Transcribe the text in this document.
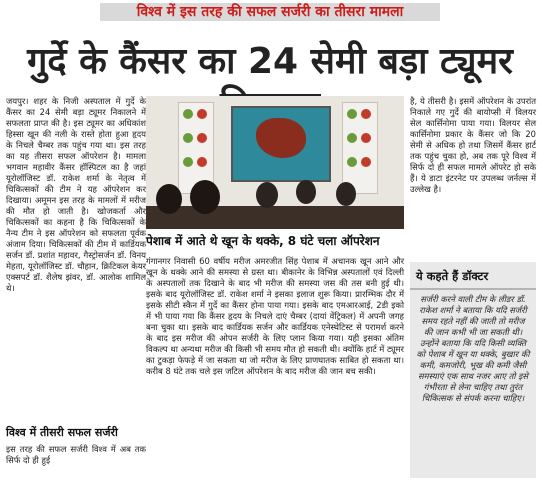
विश्व में इस तरह की सफल सर्जरी का तीसरा मामला
गुर्दे के कैंसर का 24 सेमी बड़ा ट्यूमर
जयपुर। शहर के निजी अस्पताल में गुर्दे के कैंसर का 24 सेमी बड़ा ट्यूमर निकालने में सफलता प्राप्त की है। इस ट्यूमर का अधिकांश हिस्सा खून की नली के रास्ते होता हुआ हृदय के निचले चैम्बर तक पहुंच गया था। इस तरह का यह तीसरा सफल ऑपरेशन है। मामला भगवान महावीर कैंसर हॉस्पिटल का है जहां यूरोलॉजिस्ट डॉ. राकेश शर्मा के नेतृत्व में चिकित्सकों की टीम ने यह ऑपरेशन कर दिखाया। अमूमन इस तरह के मामलों में मरीज की मौत हो जाती है। खोजकर्ता और चिकित्सकों का कहना है कि चिकित्सकों के नैन्य टीम ने इस ऑपरेशन को सफलता पूर्वक अंजाम दिया। चिकित्सकों की टीम में कार्डियक सर्जन डॉ. प्रशांत महावर, गैस्ट्रोसर्जन डॉ. विनय मेहता, यूरोलॉजिस्ट डॉ. चौहान, क्रिटिकल केयर एक्सपर्ट डॉ. शैलेष झंवर, डॉ. आलोक शामिल थे।
विश्व में तीसरी सफल सर्जरी
इस तरह की सफल सर्जरी विश्व में अब तक सिर्फ दो ही हुई
पेशाब में आते थे खून के थक्के, 8 घंटे चला ऑपरेशन
गंगानगर निवासी 60 वर्षीय मरीज अमरजीत सिंह पेशाब में अचानक खून आने और खून के थक्के आने की समस्या से ग्रस्त था। बीकानेर के विभिन्न अस्पतालों एवं दिल्ली के अस्पतालों तक दिखाने के बाद भी मरीज की समस्या जस की तस बनी हुई थी। इसके बाद यूरोलॉजिस्ट डॉ. राकेश शर्मा ने इसका इलाज शुरू किया। प्रारम्भिक दौर में इसके सीटी स्कैन में गुर्दे का कैंसर होना पाया गया। इसके बाद एमआरआई, 2डी इको में भी पाया गया कि कैंसर हृदय के निचले दाएं चैम्बर (दायां वेंट्रिकल) में अपनी जगह बना चुका था। इसके बाद कार्डियक सर्जन और कार्डियक एनेस्थेटिस्ट से परामर्श करने के बाद इस मरीज की ओपन सर्जरी के लिए प्लान किया गया। यही इसका अंतिम विकल्प था अन्यथा मरीज की किसी भी समय मौत हो सकती थी। क्योंकि हार्ट में ट्यूमर का टुकड़ा फेफड़े में जा सकता था जो मरीज के लिए प्राणघातक साबित हो सकता था। करीब 8 घंटे तक चले इस जटिल ऑपरेशन के बाद मरीज की जान बच सकी।
है, ये तीसरी है। इसमें ऑपरेशन के उपरांत निकाले गए गुर्दे की बायोप्सी में विलयर सेल कार्सिनोमा पाया गया। विलयर सेल कार्सिनोमा प्रकार के कैंसर जो कि 20 सेमी से अधिक हो तथा जिसमें कैंसर हार्ट तक पहुंच चुका हो, अब तक पूरे विश्व में सिर्फ दो ही सफल मामले ऑपरेट हो सके हैं। ये डाटा इंटरनेट पर उपलब्ध जर्नल्स में उल्लेख है।
ये कहते हैं डॉक्टर
सर्जरी करने वाली टीम के लीडर डॉ. राकेश शर्मा ने बताया कि यदि सर्जरी समय रहते नहीं की जाती तो मरीज की जान कभी भी जा सकती थी। उन्होंने बताया कि यदि किसी व्यक्ति को पेशाब में खून या थक्के, बुखार की कमी, कमजोरी, भूख की कमी जैसी समस्याएं एक साथ नजर आए तो इसे गंभीरता से लेना चाहिए तथा तुरंत चिकित्सक से संपर्क करना चाहिए।
